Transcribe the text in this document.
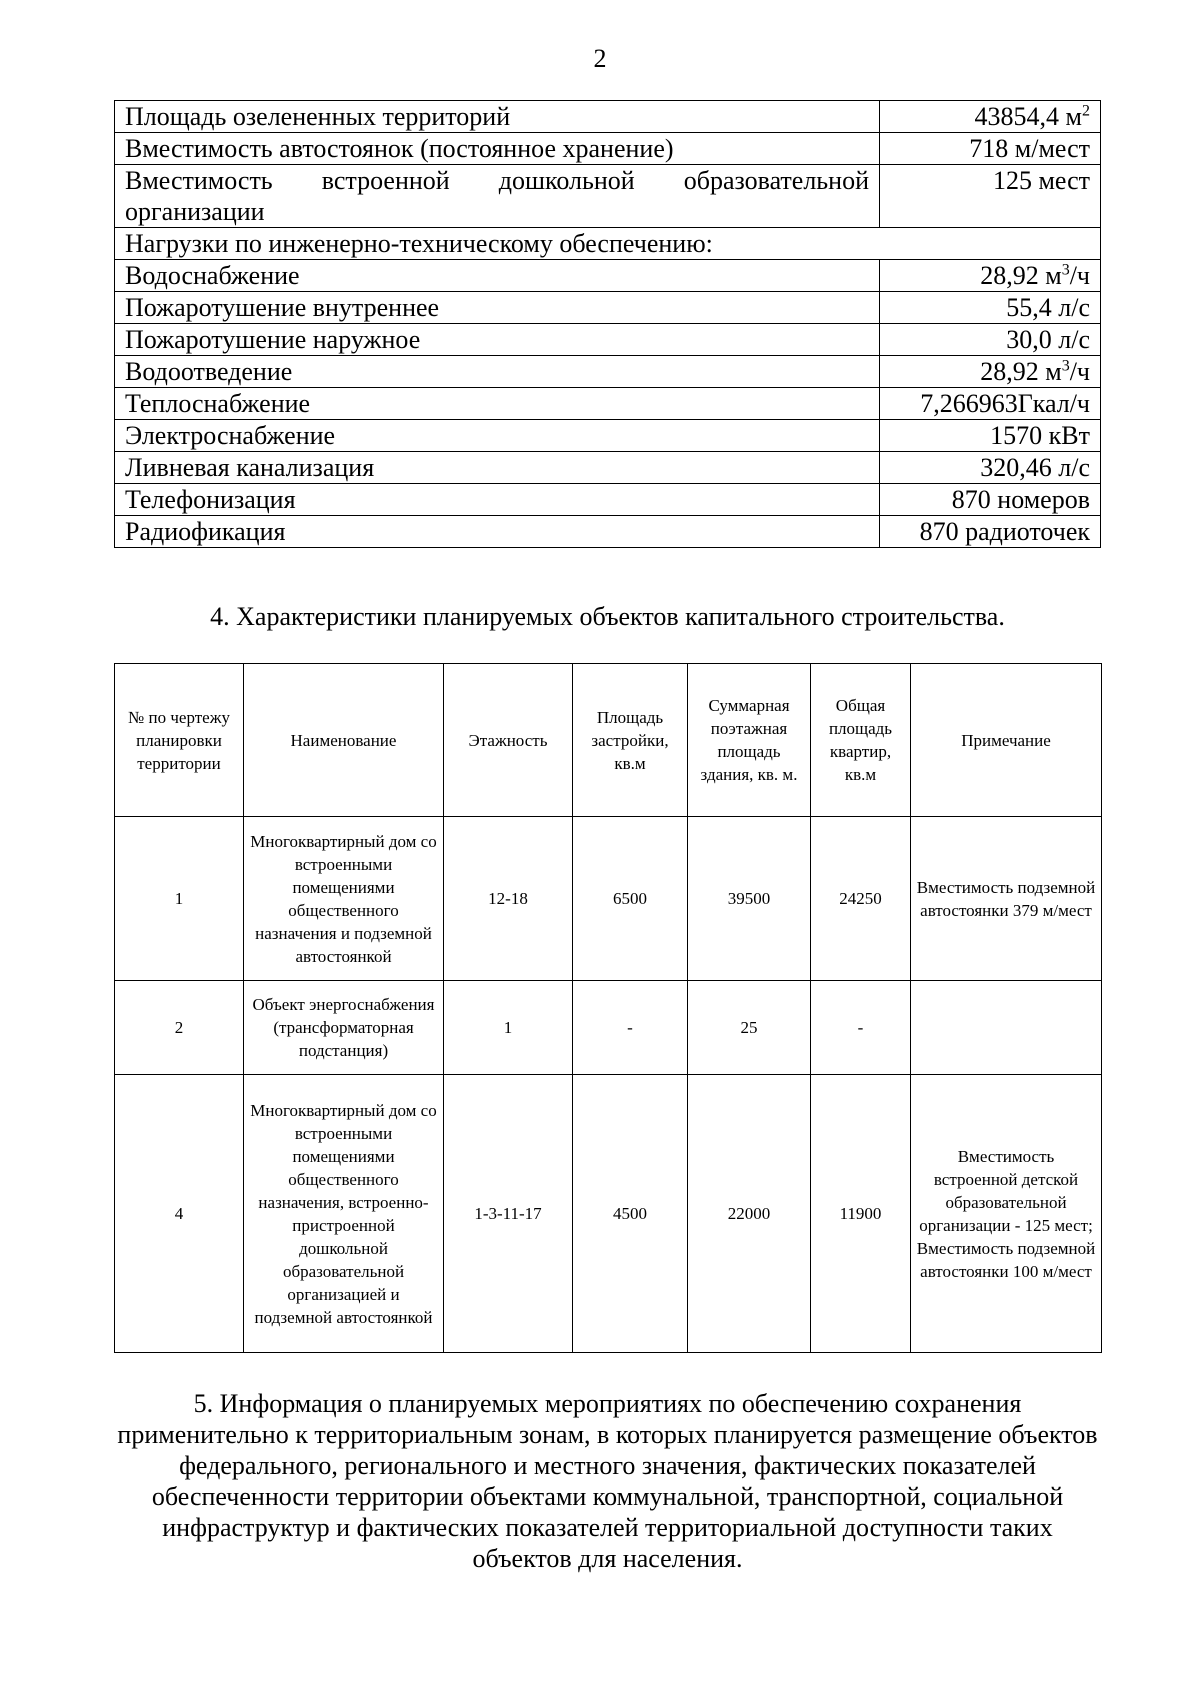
2
Площадь озелененных территорий	43854,4 $м^2$
Вместимость автостоянок (постоянное хранение)	718 м/мест
Вместимость встроенной дошкольной образовательной организации	125 мест
Нагрузки по инженерно-техническому обеспечению:	
Водоснабжение	28,92 $м^3/ч$
Пожаротушение внутреннее	55,4 л/с
Пожаротушение наружное	30,0 л/с
Водоотведение	28,92 $м^3/ч$
Теплоснабжение	7,266963Гкал/ч
Электроснабжение	1570 кВт
Ливневая канализация	320,46 л/с
Телефонизация	870 номеров
Радиофикация	870 радиоточек
4. Характеристики планируемых объектов капитального строительства.
№ по чертежу планировки территории	Наименование	Этажность	Площадь застройки, кв.м	Суммарная поэтажная площадь здания, кв. м.	Общая площадь квартир, кв.м	Примечание
1	Многоквартирный дом со встроенными помещениями общественного назначения и подземной автостоянкой	12-18	6500	39500	24250	Вместимость подземной автостоянки 379 м/мест
2	Объект энергоснабжения (трансформаторная подстанция)	1	-	25	-	
4	Многоквартирный дом со встроенными помещениями общественного назначения, встроенно-пристроенной дошкольной образовательной организацией и подземной автостоянкой	1-3-11-17	4500	22000	11900	Вместимость встроенной детской образовательной организации - 125 мест; Вместимость подземной автостоянки 100 м/мест
5. Информация о планируемых мероприятиях по обеспечению сохранения применительно к территориальным зонам, в которых планируется размещение объектов федерального, регионального и местного значения, фактических показателей обеспеченности территории объектами коммунальной, транспортной, социальной инфраструктур и фактических показателей территориальной доступности таких объектов для населения.
